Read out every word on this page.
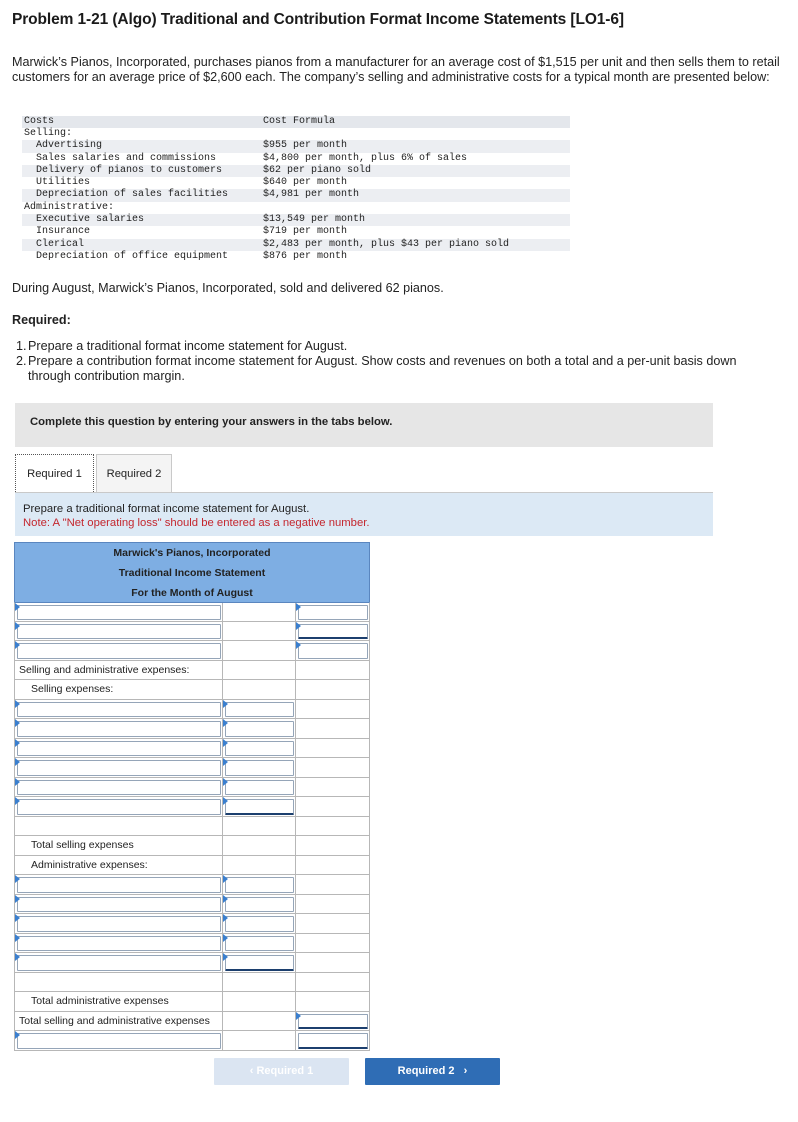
Problem 1-21 (Algo) Traditional and Contribution Format Income Statements [LO1-6]
Marwick’s Pianos, Incorporated, purchases pianos from a manufacturer for an average cost of $1,515 per unit and then sells them to retail customers for an average price of $2,600 each. The company’s selling and administrative costs for a typical month are presented below:
Costs	Cost Formula
Selling:
Advertising	$955 per month
Sales salaries and commissions	$4,800 per month, plus 6% of sales
Delivery of pianos to customers	$62 per piano sold
Utilities	$640 per month
Depreciation of sales facilities	$4,981 per month
Administrative:
Executive salaries	$13,549 per month
Insurance	$719 per month
Clerical	$2,483 per month, plus $43 per piano sold
Depreciation of office equipment	$876 per month
During August, Marwick’s Pianos, Incorporated, sold and delivered 62 pianos.
Required:
1. Prepare a traditional format income statement for August.
2. Prepare a contribution format income statement for August. Show costs and revenues on both a total and a per-unit basis down through contribution margin.
Complete this question by entering your answers in the tabs below.
Required 1	Required 2
Prepare a traditional format income statement for August.
Note: A "Net operating loss" should be entered as a negative number.
Marwick's Pianos, Incorporated
Traditional Income Statement
For the Month of August
Selling and administrative expenses:
Selling expenses:
Total selling expenses
Administrative expenses:
Total administrative expenses
Total selling and administrative expenses
‹ Required 1	Required 2   ›
